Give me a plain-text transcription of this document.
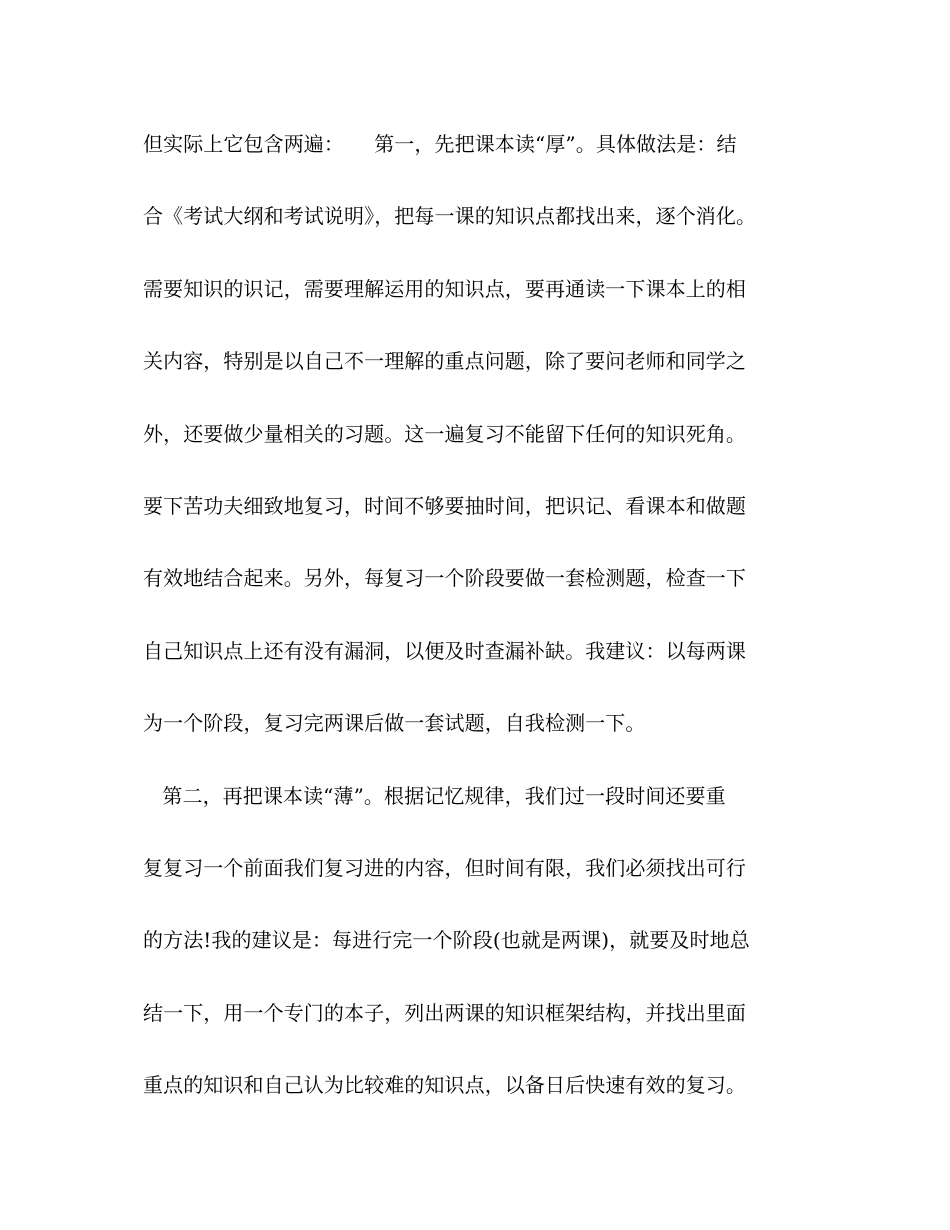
但实际上它包含两遍：　　第一，先把课本读“厚”。具体做法是：结
合《考试大纲和考试说明》，把每一课的知识点都找出来，逐个消化。
需要知识的识记，需要理解运用的知识点，要再通读一下课本上的相
关内容，特别是以自己不一理解的重点问题，除了要问老师和同学之
外，还要做少量相关的习题。这一遍复习不能留下任何的知识死角。
要下苦功夫细致地复习，时间不够要抽时间，把识记、看课本和做题
有效地结合起来。另外，每复习一个阶段要做一套检测题，检查一下
自己知识点上还有没有漏洞，以便及时查漏补缺。我建议：以每两课
为一个阶段，复习完两课后做一套试题，自我检测一下。
第二，再把课本读“薄”。根据记忆规律，我们过一段时间还要重
复复习一个前面我们复习进的内容，但时间有限，我们必须找出可行
的方法!我的建议是：每进行完一个阶段(也就是两课)，就要及时地总
结一下，用一个专门的本子，列出两课的知识框架结构，并找出里面
重点的知识和自己认为比较难的知识点，以备日后快速有效的复习。
